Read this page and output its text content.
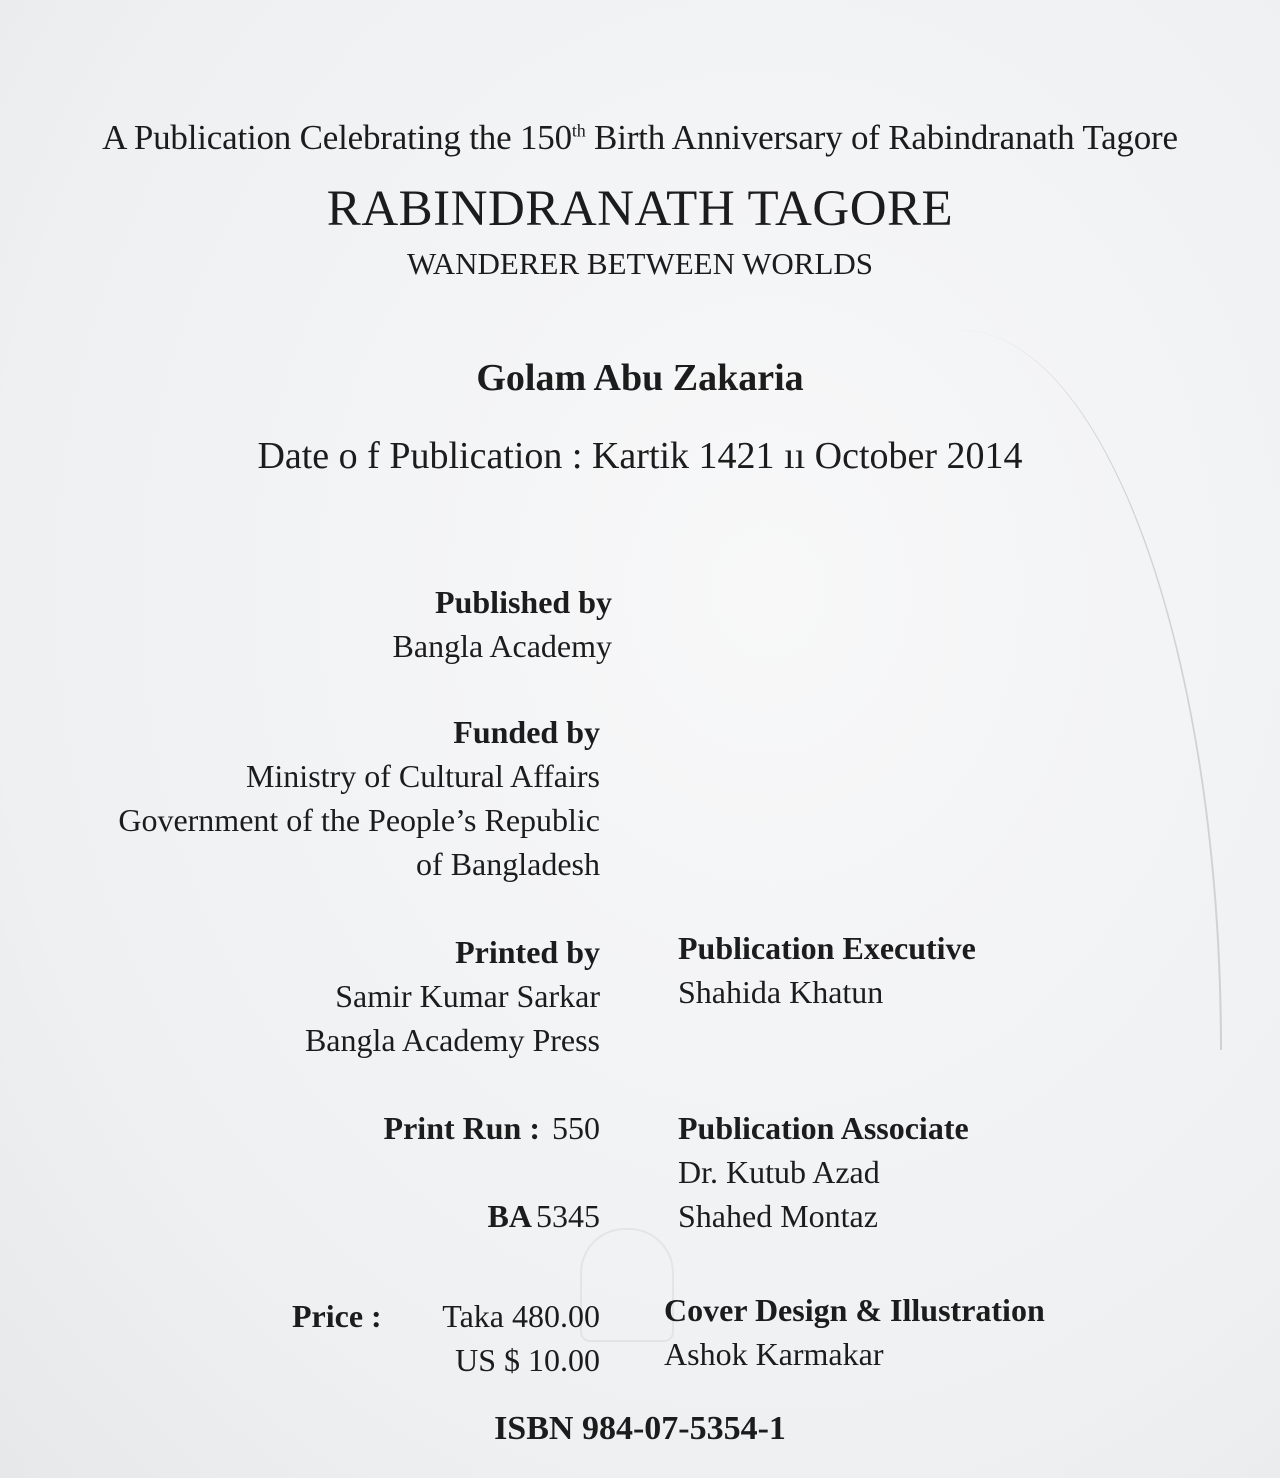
A Publication Celebrating the 150th Birth Anniversary of Rabindranath Tagore
RABINDRANATH TAGORE
WANDERER BETWEEN WORLDS
Golam Abu Zakaria
Date o f Publication : Kartik 1421 ıı October 2014
Published by
Bangla Academy
Funded by
Ministry of Cultural Affairs
Government of the People’s Republic
of Bangladesh
Printed by
Samir Kumar Sarkar
Bangla Academy Press
Print Run : 550
BA 5345
Price : Taka 480.00
US $ 10.00
Publication Executive
Shahida Khatun
Publication Associate
Dr. Kutub Azad
Shahed Montaz
Cover Design & Illustration
Ashok Karmakar
ISBN 984-07-5354-1
